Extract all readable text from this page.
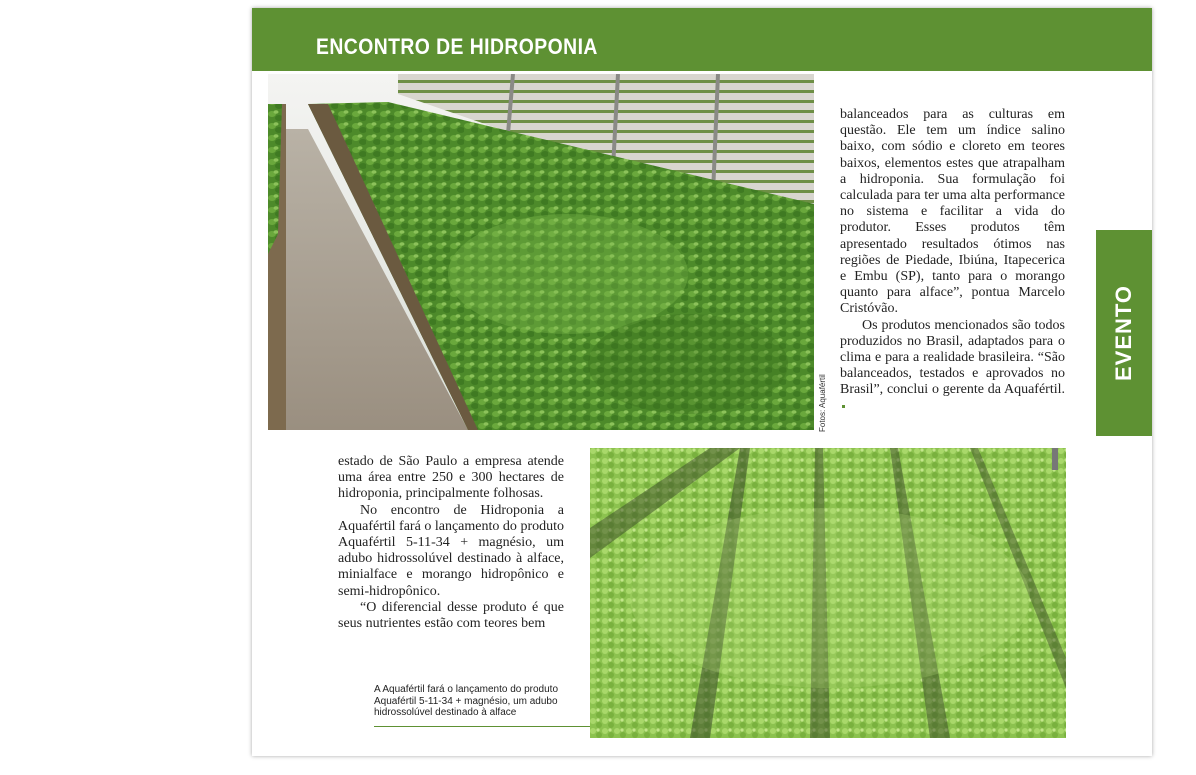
ENCONTRO DE HIDROPONIA
Fotos: Aquafértil

balanceados para as culturas em questão. Ele tem um índice salino baixo, com sódio e cloreto em teores baixos, elementos estes que atrapalham a hidroponia. Sua formulação foi calculada para ter uma alta performance no sistema e facilitar a vida do produtor. Esses produtos têm apresentado resultados ótimos nas regiões de Piedade, Ibiúna, Itapecerica e Embu (SP), tanto para o morango quanto para alface”, pontua Marcelo Cristóvão.

Os produtos mencionados são todos produzidos no Brasil, adaptados para o clima e para a realidade brasileira. “São balanceados, testados e aprovados no Brasil”, conclui o gerente da Aquafértil.

EVENTO

estado de São Paulo a empresa atende uma área entre 250 e 300 hectares de hidroponia, principalmente folhosas.

No encontro de Hidroponia a Aquafértil fará o lançamento do produto Aquafértil 5-11-34 + magnésio, um adubo hidrossolúvel destinado à alface, minialface e morango hidropônico e semi-hidropônico.

“O diferencial desse produto é que seus nutrientes estão com teores bem

A Aquafértil fará o lançamento do produto Aquafértil 5-11-34 + magnésio, um adubo hidrossolúvel destinado à alface
